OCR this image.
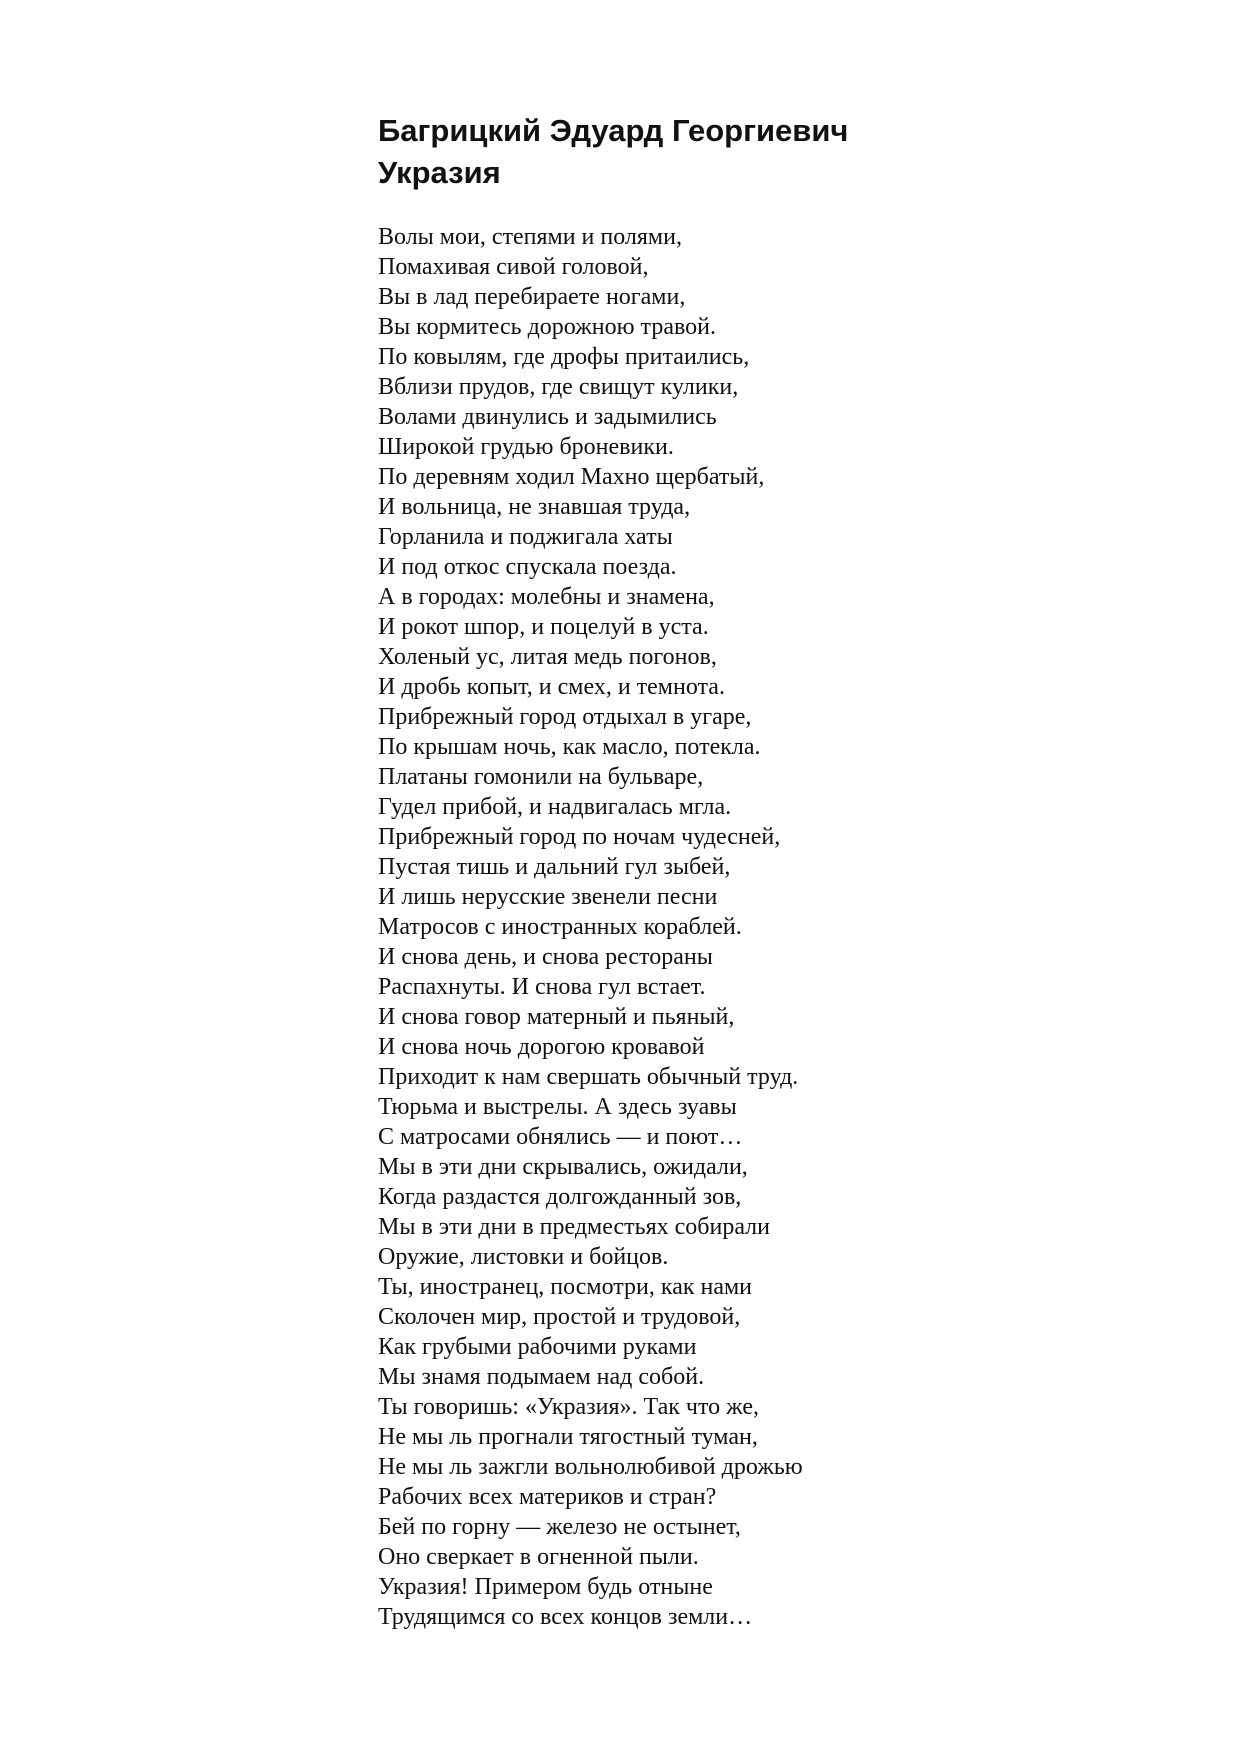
Багрицкий Эдуард Георгиевич
Укразия
Волы мои, степями и полями,
Помахивая сивой головой,
Вы в лад перебираете ногами,
Вы кормитесь дорожною травой.
По ковылям, где дрофы притаились,
Вблизи прудов, где свищут кулики,
Волами двинулись и задымились
Широкой грудью броневики.
По деревням ходил Махно щербатый,
И вольница, не знавшая труда,
Горланила и поджигала хаты
И под откос спускала поезда.
А в городах: молебны и знамена,
И рокот шпор, и поцелуй в уста.
Холеный ус, литая медь погонов,
И дробь копыт, и смех, и темнота.
Прибрежный город отдыхал в угаре,
По крышам ночь, как масло, потекла.
Платаны гомонили на бульваре,
Гудел прибой, и надвигалась мгла.
Прибрежный город по ночам чудесней,
Пустая тишь и дальний гул зыбей,
И лишь нерусские звенели песни
Матросов с иностранных кораблей.
И снова день, и снова рестораны
Распахнуты. И снова гул встает.
И снова говор матерный и пьяный,
И снова ночь дорогою кровавой
Приходит к нам свершать обычный труд.
Тюрьма и выстрелы. А здесь зуавы
С матросами обнялись — и поют…
Мы в эти дни скрывались, ожидали,
Когда раздастся долгожданный зов,
Мы в эти дни в предместьях собирали
Оружие, листовки и бойцов.
Ты, иностранец, посмотри, как нами
Сколочен мир, простой и трудовой,
Как грубыми рабочими руками
Мы знамя подымаем над собой.
Ты говоришь: «Укразия». Так что же,
Не мы ль прогнали тягостный туман,
Не мы ль зажгли вольнолюбивой дрожью
Рабочих всех материков и стран?
Бей по горну — железо не остынет,
Оно сверкает в огненной пыли.
Укразия! Примером будь отныне
Трудящимся со всех концов земли…
